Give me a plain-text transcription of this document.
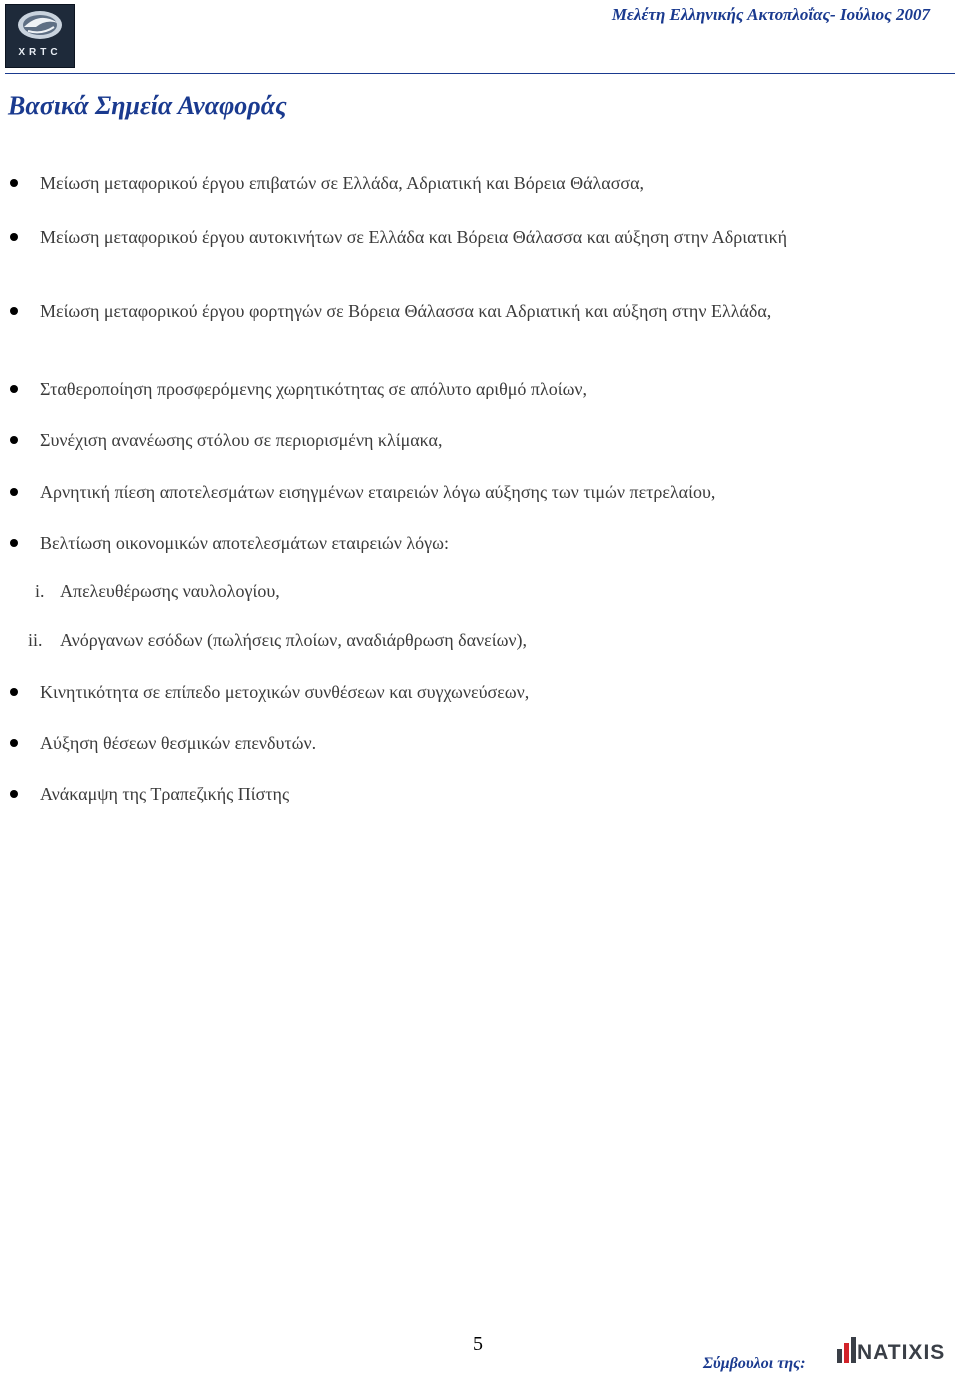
XRTC
Μελέτη Ελληνικής Ακτοπλοΐας- Ιούλιος 2007
Βασικά Σημεία Αναφοράς
Μείωση μεταφορικού έργου επιβατών σε Ελλάδα, Αδριατική και Βόρεια Θάλασσα,
Μείωση μεταφορικού έργου αυτοκινήτων σε Ελλάδα και Βόρεια Θάλασσα και αύξηση στην Αδριατική
Μείωση μεταφορικού έργου φορτηγών σε Βόρεια Θάλασσα και Αδριατική και αύξηση στην Ελλάδα,
Σταθεροποίηση προσφερόμενης χωρητικότητας σε απόλυτο αριθμό πλοίων,
Συνέχιση ανανέωσης στόλου σε περιορισμένη κλίμακα,
Αρνητική πίεση αποτελεσμάτων εισηγμένων εταιρειών λόγω αύξησης των τιμών πετρελαίου,
Βελτίωση οικονομικών αποτελεσμάτων εταιρειών λόγω:
i. Απελευθέρωσης ναυλολογίου,
ii. Ανόργανων εσόδων (πωλήσεις πλοίων, αναδιάρθρωση δανείων),
Κινητικότητα σε επίπεδο μετοχικών συνθέσεων και συγχωνεύσεων,
Αύξηση θέσεων θεσμικών επενδυτών.
Ανάκαμψη της Τραπεζικής Πίστης
5
Σύμβουλοι της: NATIXIS
